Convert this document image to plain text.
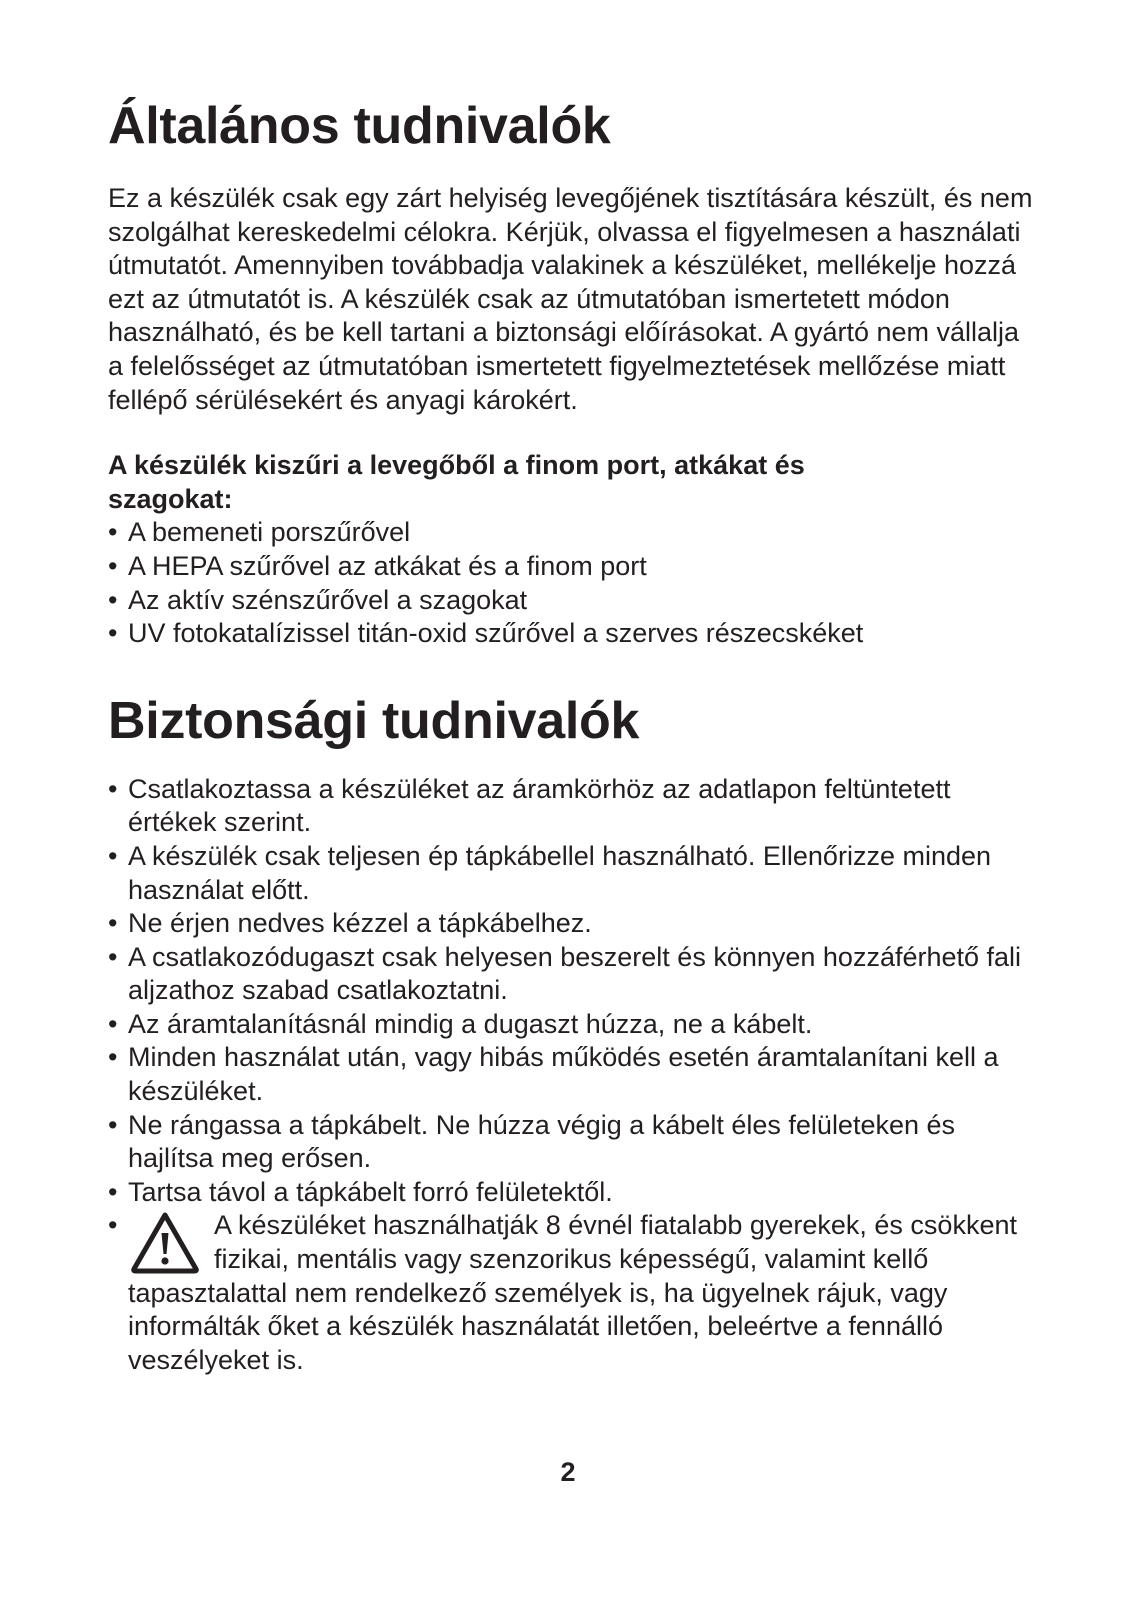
Általános tudnivalók

Ez a készülék csak egy zárt helyiség levegőjének tisztítására készült, és nem szolgálhat kereskedelmi célokra. Kérjük, olvassa el figyelmesen a használati útmutatót. Amennyiben továbbadja valakinek a készüléket, mellékelje hozzá ezt az útmutatót is. A készülék csak az útmutatóban ismertetett módon használható, és be kell tartani a biztonsági előírásokat. A gyártó nem vállalja a felelősséget az útmutatóban ismertetett figyelmeztetések mellőzése miatt fellépő sérülésekért és anyagi károkért.

A készülék kiszűri a levegőből a finom port, atkákat és szagokat:

• A bemeneti porszűrővel
• A HEPA szűrővel az atkákat és a finom port
• Az aktív szénszűrővel a szagokat
• UV fotokatalízissel titán-oxid szűrővel a szerves részecskéket
Biztonsági tudnivalók
• Csatlakoztassa a készüléket az áramkörhöz az adatlapon feltüntetett értékek szerint.
• A készülék csak teljesen ép tápkábellel használható. Ellenőrizze minden használat előtt.
• Ne érjen nedves kézzel a tápkábelhez.
• A csatlakozódugaszt csak helyesen beszerelt és könnyen hozzáférhető fali aljzathoz szabad csatlakoztatni.
• Az áramtalanításnál mindig a dugaszt húzza, ne a kábelt.
• Minden használat után, vagy hibás működés esetén áramtalanítani kell a készüléket.
• Ne rángassa a tápkábelt. Ne húzza végig a kábelt éles felületeken és hajlítsa meg erősen.
• Tartsa távol a tápkábelt forró felületektől.
•	A készüléket használhatják 8 évnél fiatalabb gyerekek, és csökkent fizikai, mentális vagy szenzorikus képességű, valamint kellő tapasztalattal nem rendelkező személyek is, ha ügyelnek rájuk, vagy informálták őket a készülék használatát illetően, beleértve a fennálló veszélyeket is.
2
